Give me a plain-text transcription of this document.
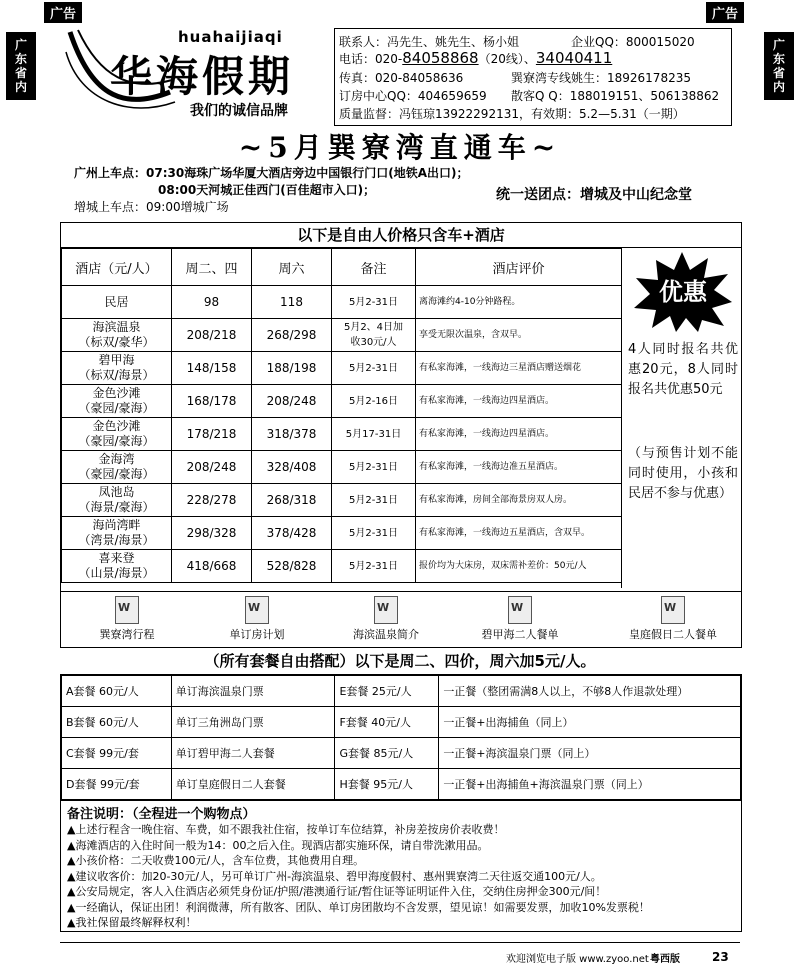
广告	广告
广
东
省
内
广
东
省
内
huahaijiaqi
华海假期
我们的诚信品牌
联系人：冯先生、姚先生、杨小姐	企业QQ：800015020
电话：020-84058868（20线）、34040411
传真：020-84058636	巽寮湾专线姚生：18926178235
订房中心QQ：404659659 散客Q Q：188019151、506138862
质量监督：冯钰琼13922292131，有效期：5.2—5.31（一期）
~5月巽寮湾直通车~
广州上车点：07:30海珠广场华厦大酒店旁边中国银行门口(地铁A出口)；
08:00天河城正佳西门(百佳超市入口)；
增城上车点：09:00增城广场
统一送团点：增城及中山纪念堂
以下是自由人价格只含车+酒店
酒店（元/人）	周二、四	周六	备注	酒店评价
民居	98	118	5月2-31日	离海滩约4-10分钟路程。
海滨温泉
（标双/豪华）	208/218	268/298	5月2、4日加
收30元/人	享受无限次温泉，含双早。
碧甲海
（标双/海景）	148/158	188/198	5月2-31日	有私家海滩，一线海边三星酒店赠送烟花
金色沙滩
（豪园/豪海）	168/178	208/248	5月2-16日	有私家海滩，一线海边四星酒店。
金色沙滩
（豪园/豪海）	178/218	318/378	5月17-31日	有私家海滩，一线海边四星酒店。
金海湾
（豪园/豪海）	208/248	328/408	5月2-31日	有私家海滩，一线海边准五星酒店。
凤池岛
（海景/豪海）	228/278	268/318	5月2-31日	有私家海滩，房间全部海景房双人房。
海尚湾畔
（湾景/海景）	298/328	378/428	5月2-31日	有私家海滩，一线海边五星酒店，含双早。
喜来登
（山景/海景）	418/668	528/828	5月2-31日	报价均为大床房，双床需补差价：50元/人
优惠
4人同时报名共优惠20元，8人同时报名共优惠50元
（与预售计划不能同时使用，小孩和民居不参与优惠）
W
巽寮湾行程
W
单订房计划
W
海滨温泉简介
W
碧甲海二人餐单
W
皇庭假日二人餐单
（所有套餐自由搭配）以下是周二、四价，周六加5元/人。
A套餐 60元/人	单订海滨温泉门票	E套餐 25元/人	一正餐（整团需满8人以上，不够8人作退款处理）
B套餐 60元/人	单订三角洲岛门票	F套餐 40元/人	一正餐+出海捕鱼（同上）
C套餐 99元/套	单订碧甲海二人套餐	G套餐 85元/人	一正餐+海滨温泉门票（同上）
D套餐 99元/套	单订皇庭假日二人套餐	H套餐 95元/人	一正餐+出海捕鱼+海滨温泉门票（同上）
备注说明：（全程进一个购物点）
▲上述行程含一晚住宿、车费，如不跟我社住宿，按单订车位结算，补房差按房价表收费！
▲海滩酒店的入住时间一般为14：00之后入住。现酒店都实施环保，请自带洗漱用品。
▲小孩价格：二天收费100元/人，含车位费，其他费用自理。
▲建议收客价：加20-30元/人，另可单订广州-海滨温泉、碧甲海度假村、惠州巽寮湾二天往返交通100元/人。
▲公安局规定，客人入住酒店必须凭身份证/护照/港澳通行证/暂住证等证明证件入住，交纳住房押金300元/间！
▲一经确认，保证出团！利润微薄，所有散客、团队、单订房团散均不含发票，望见谅！如需要发票，加收10%发票税！
▲我社保留最终解释权利！
欢迎浏览电子版 www.zyoo.net 粤西版	23
